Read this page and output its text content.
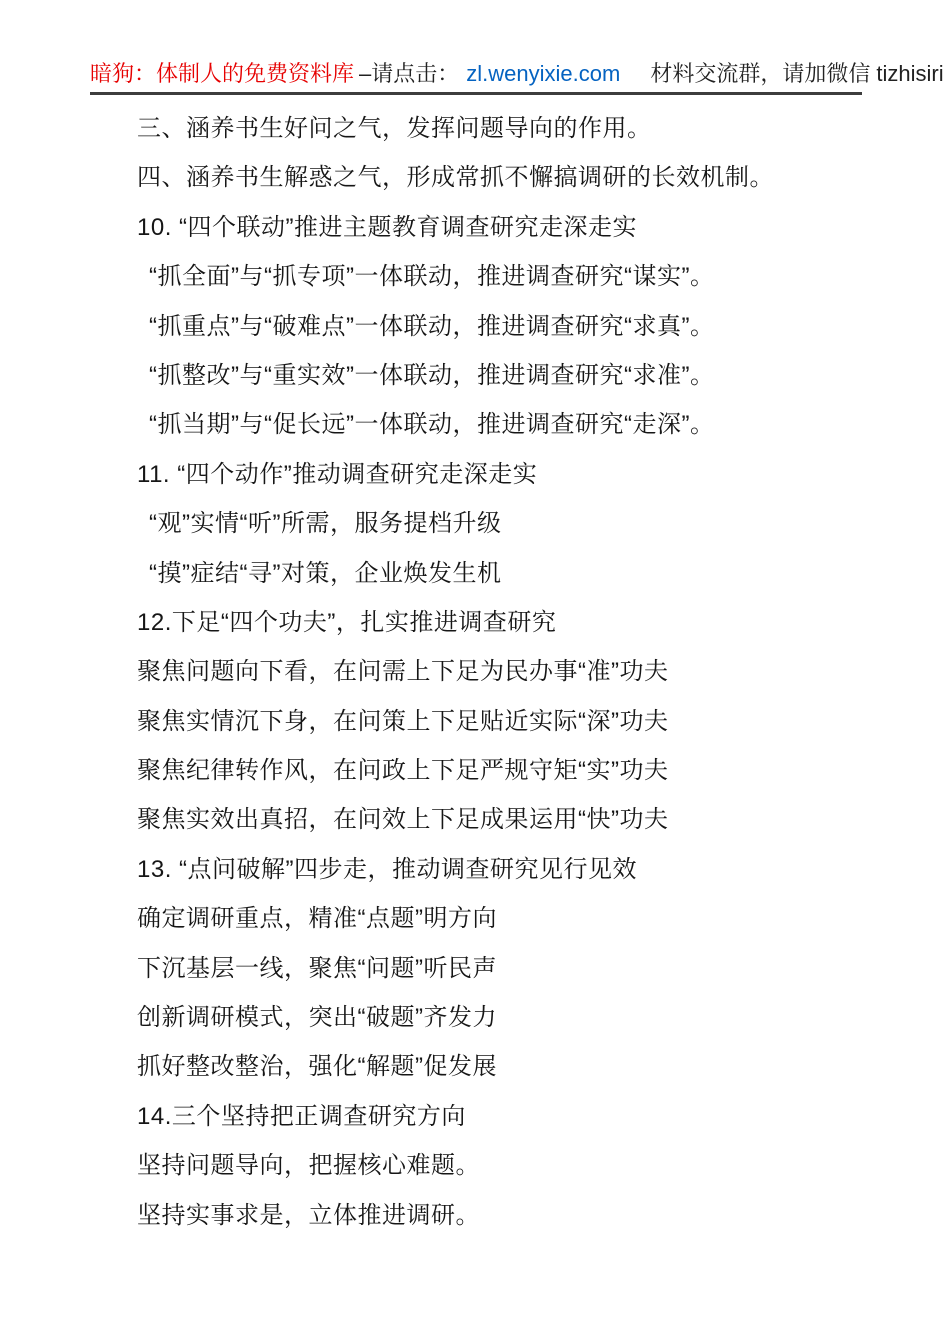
暗狗：体制人的免费资料库 –请点击： zl.wenyixie.com 材料交流群，请加微信 tizhisiri

三、涵养书生好问之气，发挥问题导向的作用。

四、涵养书生解惑之气，形成常抓不懈搞调研的长效机制。

10. “四个联动”推进主题教育调查研究走深走实

“抓全面”与“抓专项”一体联动，推进调查研究“谋实”。

“抓重点”与“破难点”一体联动，推进调查研究“求真”。

“抓整改”与“重实效”一体联动，推进调查研究“求准”。

“抓当期”与“促长远”一体联动，推进调查研究“走深”。

11. “四个动作”推动调查研究走深走实

“观”实情“听”所需，服务提档升级

“摸”症结“寻”对策，企业焕发生机

12.下足“四个功夫”，扎实推进调查研究

聚焦问题向下看，在问需上下足为民办事“准”功夫

聚焦实情沉下身，在问策上下足贴近实际“深”功夫

聚焦纪律转作风，在问政上下足严规守矩“实”功夫

聚焦实效出真招，在问效上下足成果运用“快”功夫

13. “点问破解”四步走，推动调查研究见行见效

确定调研重点，精准“点题”明方向

下沉基层一线，聚焦“问题”听民声

创新调研模式，突出“破题”齐发力

抓好整改整治，强化“解题”促发展

14.三个坚持把正调查研究方向

坚持问题导向，把握核心难题。

坚持实事求是，立体推进调研。
